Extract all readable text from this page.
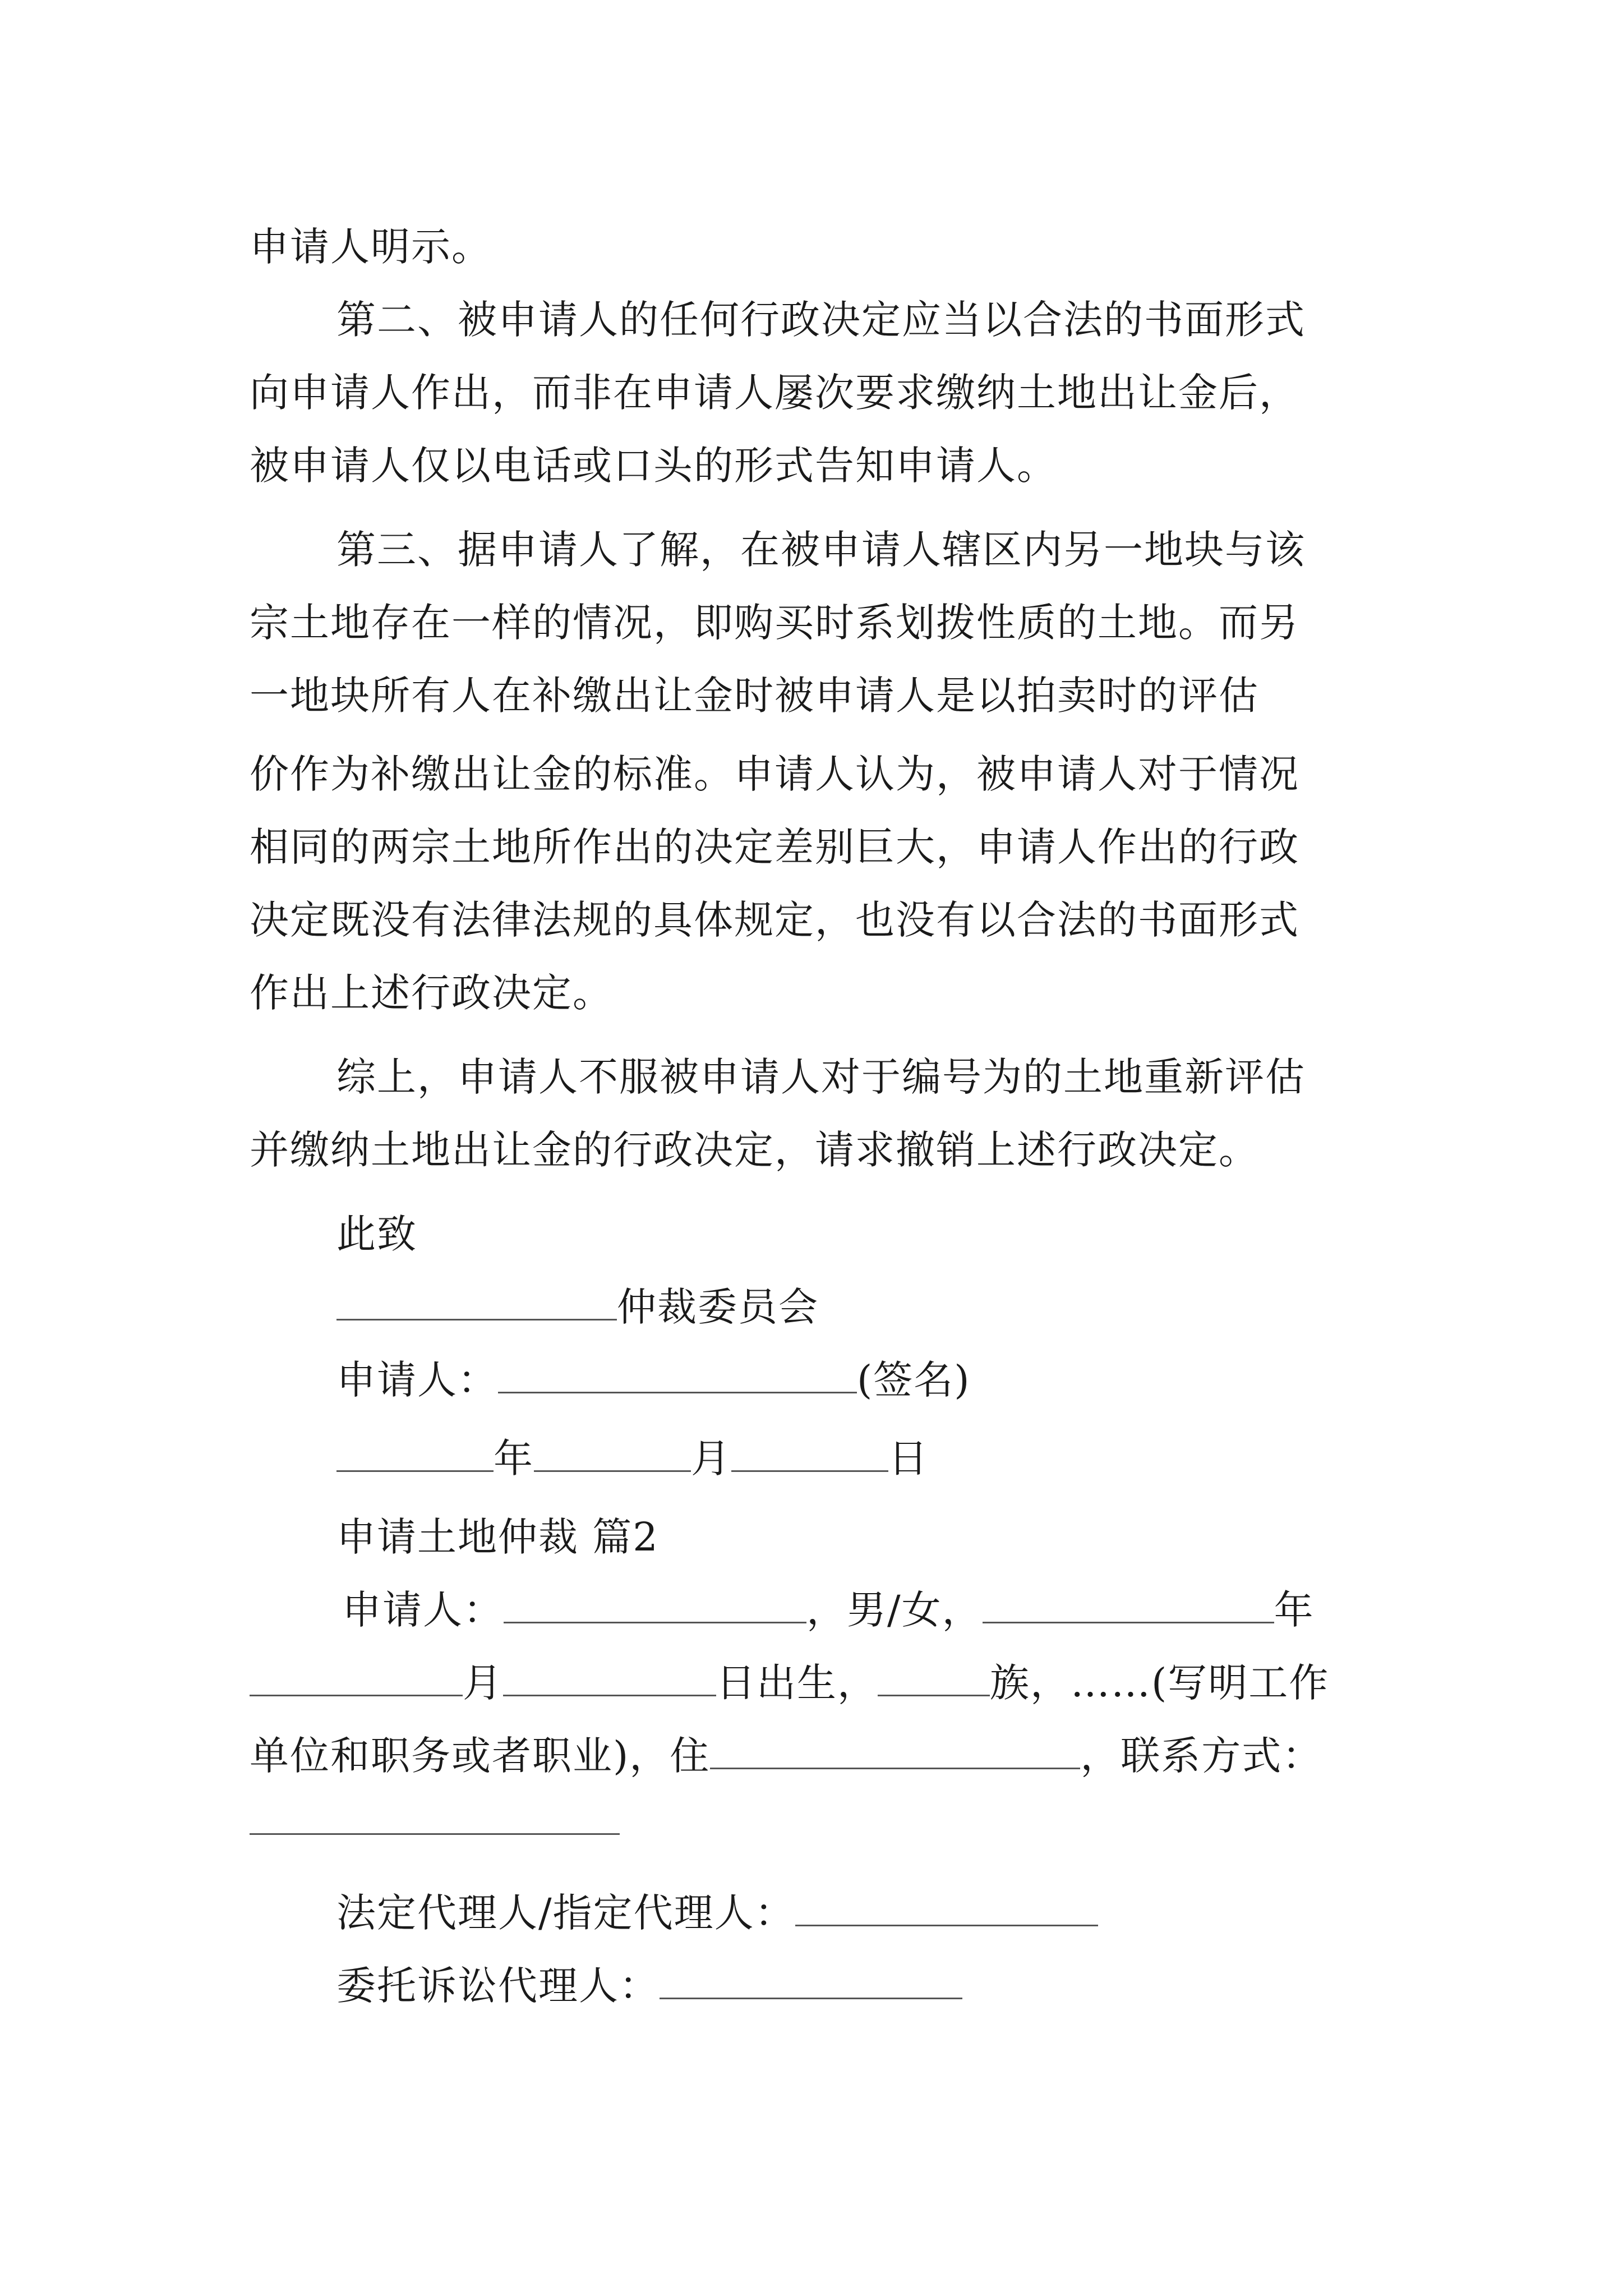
申请人明示。
第二、被申请人的任何行政决定应当以合法的书面形式
向申请人作出，而非在申请人屡次要求缴纳土地出让金后，
被申请人仅以电话或口头的形式告知申请人。
第三、据申请人了解，在被申请人辖区内另一地块与该
宗土地存在一样的情况，即购买时系划拨性质的土地。而另
一地块所有人在补缴出让金时被申请人是以拍卖时的评估
价作为补缴出让金的标准。申请人认为，被申请人对于情况
相同的两宗土地所作出的决定差别巨大，申请人作出的行政
决定既没有法律法规的具体规定，也没有以合法的书面形式
作出上述行政决定。
综上，申请人不服被申请人对于编号为的土地重新评估
并缴纳土地出让金的行政决定，请求撤销上述行政决定。
此致
仲裁委员会
申请人：	(签名)
年	月	日
申请土地仲裁 篇2
申请人：	，男/女，	年
月	日出生，	族，……(写明工作
单位和职务或者职业)，住	，联系方式：
法定代理人/指定代理人：
委托诉讼代理人：
